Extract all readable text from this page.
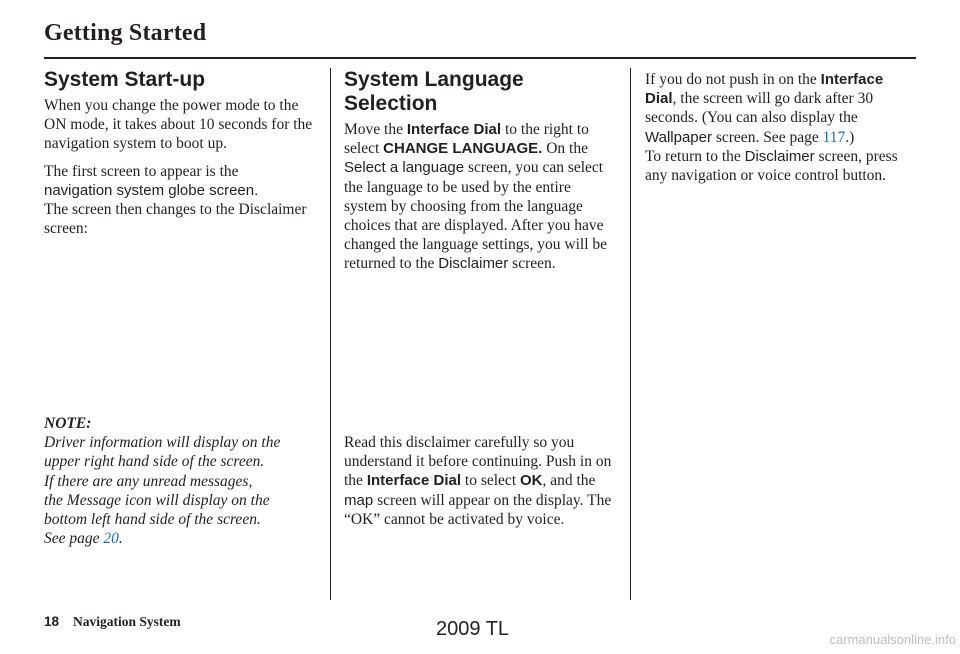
Getting Started
System Start-up

When you change the power mode to the ON mode, it takes about 10 seconds for the navigation system to boot up.

The first screen to appear is the

navigation system globe screen.

The screen then changes to the Disclaimer screen:

NOTE:

Driver information will display on the upper right hand side of the screen.

If there are any unread messages,

the Message icon will display on the bottom left hand side of the screen.

See page 20.

System Language Selection

Move the Interface Dial to the right to select CHANGE LANGUAGE. On the Select a language screen, you can select the language to be used by the entire system by choosing from the language choices that are displayed. After you have changed the language settings, you will be returned to the Disclaimer screen.

Read this disclaimer carefully so you understand it before continuing. Push in on the Interface Dial to select OK, and the map screen will appear on the display. The “OK” cannot be activated by voice.

If you do not push in on the Interface Dial, the screen will go dark after 30 seconds. (You can also display the Wallpaper screen. See page 117.)

To return to the Disclaimer screen, press any navigation or voice control button.

18 Navigation System	2009 TL	carmanualsonline.info
